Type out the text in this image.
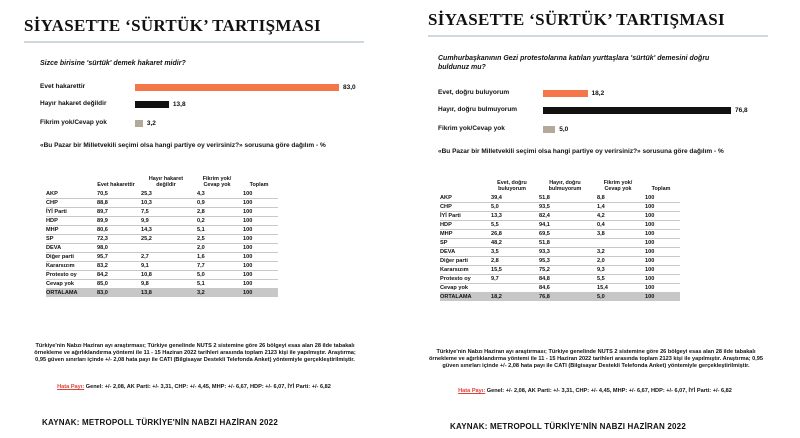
SİYASETTE ‘SÜRTÜK’ TARTIŞMASI
Sizce birisine 'sürtük' demek hakaret midir?
Evet hakarettir
Hayır hakaret değildir
Fikrim yok/Cevap yok
83,0
13,8
3,2
«Bu Pazar bir Milletvekili seçimi olsa hangi partiye oy verirsiniz?» sorusuna göre dağılım - %
	Evet hakarettir	Hayır hakaret değildir	Fikrim yok/ Cevap yok	Toplam
AKP	70,5	25,3	4,3	100
CHP	88,8	10,3	0,9	100
İYİ Parti	89,7	7,5	2,8	100
HDP	89,9	9,9	0,2	100
MHP	80,6	14,3	5,1	100
SP	72,3	25,2	2,5	100
DEVA	98,0		2,0	100
Diğer parti	95,7	2,7	1,6	100
Kararsızım	83,2	9,1	7,7	100
Protesto oy	84,2	10,8	5,0	100
Cevap yok	85,0	9,8	5,1	100
ORTALAMA	83,0	13,8	3,2	100
Türkiye'nin Nabzı Haziran ayı araştırması; Türkiye genelinde NUTS 2 sistemine göre 26 bölgeyi esas alan 28 ilde tabakalı örnekleme ve ağırlıklandırma yöntemi ile 11 - 15 Haziran 2022 tarihleri arasında toplam 2123 kişi ile yapılmıştır. Araştırma; 0,95 güven sınırları içinde +/- 2,08 hata payı ile CATI (Bilgisayar Destekli Telefonda Anket) yöntemiyle gerçekleştirilmiştir.
Hata Payı: Genel: +/- 2,08, AK Parti: +/- 3,31, CHP: +/- 4,45, MHP: +/- 6,67, HDP: +/- 6,07, İYİ Parti: +/- 6,82
KAYNAK: METROPOLL TÜRKİYE'NİN NABZI HAZİRAN 2022
SİYASETTE ‘SÜRTÜK’ TARTIŞMASI
Cumhurbaşkanının Gezi protestolarına katılan yurttaşlara 'sürtük' demesini doğru buldunuz mu?
Evet, doğru buluyorum
Hayır, doğru bulmuyorum
Fikrim yok/Cevap yok
18,2
76,8
5,0
«Bu Pazar bir Milletvekili seçimi olsa hangi partiye oy verirsiniz?» sorusuna göre dağılım - %
	Evet, doğru buluyorum	Hayır, doğru bulmuyorum	Fikrim yok/ Cevap yok	Toplam
AKP	39,4	51,8	8,8	100
CHP	5,0	93,5	1,4	100
İYİ Parti	13,3	82,4	4,2	100
HDP	5,5	94,1	0,4	100
MHP	26,8	69,5	3,8	100
SP	48,2	51,8		100
DEVA	3,5	93,3	3,2	100
Diğer parti	2,8	95,3	2,0	100
Kararsızım	15,5	75,2	9,3	100
Protesto oy	9,7	84,8	5,5	100
Cevap yok		84,6	15,4	100
ORTALAMA	18,2	76,8	5,0	100
Türkiye'nin Nabzı Haziran ayı araştırması; Türkiye genelinde NUTS 2 sistemine göre 26 bölgeyi esas alan 28 ilde tabakalı örnekleme ve ağırlıklandırma yöntemi ile 11 - 15 Haziran 2022 tarihleri arasında toplam 2123 kişi ile yapılmıştır. Araştırma; 0,95 güven sınırları içinde +/- 2,08 hata payı ile CATI (Bilgisayar Destekli Telefonda Anket) yöntemiyle gerçekleştirilmiştir.
Hata Payı: Genel: +/- 2,08, AK Parti: +/- 3,31, CHP: +/- 4,45, MHP: +/- 6,67, HDP: +/- 6,07, İYİ Parti: +/- 6,82
KAYNAK: METROPOLL TÜRKİYE'NİN NABZI HAZİRAN 2022
